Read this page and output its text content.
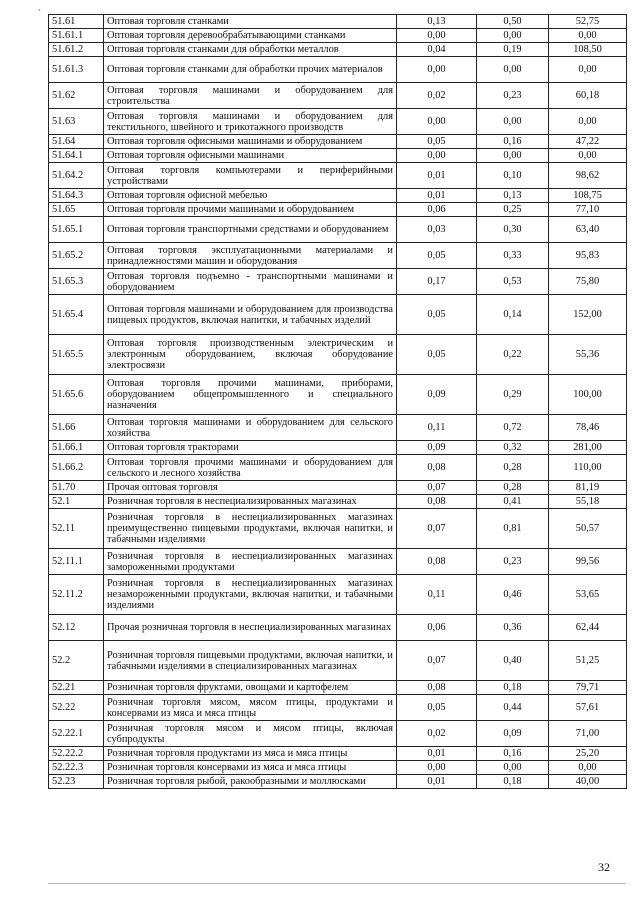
`
51.61	Оптовая торговля станками	0,13	0,50	52,75
51.61.1	Оптовая торговля деревообрабатывающими станками	0,00	0,00	0,00
51.61.2	Оптовая торговля станками для обработки металлов	0,04	0,19	108,50
51.61.3	Оптовая торговля станками для обработки прочих материалов	0,00	0,00	0,00
51.62	Оптовая торговля машинами и оборудованием для строительства	0,02	0,23	60,18
51.63	Оптовая торговля машинами и оборудованием для текстильного, швейного и трикотажного производств	0,00	0,00	0,00
51.64	Оптовая торговля офисными машинами и оборудованием	0,05	0,16	47,22
51.64.1	Оптовая торговля офисными машинами	0,00	0,00	0,00
51.64.2	Оптовая торговля компьютерами и периферийными устройствами	0,01	0,10	98,62
51.64.3	Оптовая торговля офисной мебелью	0,01	0,13	108,75
51.65	Оптовая торговля прочими машинами и оборудованием	0,06	0,25	77,10
51.65.1	Оптовая торговля транспортными средствами и оборудованием	0,03	0,30	63,40
51.65.2	Оптовая торговля эксплуатационными материалами и принадлежностями машин и оборудования	0,05	0,33	95,83
51.65.3	Оптовая торговля подъемно - транспортными машинами и оборудованием	0,17	0,53	75,80
51.65.4	Оптовая торговля машинами и оборудованием для производства пищевых продуктов, включая напитки, и табачных изделий	0,05	0,14	152,00
51.65.5	Оптовая торговля производственным электрическим и электронным оборудованием, включая оборудование электросвязи	0,05	0,22	55,36
51.65.6	Оптовая торговля прочими машинами, приборами, оборудованием общепромышленного и специального назначения	0,09	0,29	100,00
51.66	Оптовая торговля машинами и оборудованием для сельского хозяйства	0,11	0,72	78,46
51.66.1	Оптовая торговля тракторами	0,09	0,32	281,00
51.66.2	Оптовая торговля прочими машинами и оборудованием для сельского и лесного хозяйства	0,08	0,28	110,00
51.70	Прочая оптовая торговля	0,07	0,28	81,19
52.1	Розничная торговля в неспециализированных магазинах	0,08	0,41	55,18
52.11	Розничная торговля в неспециализированных магазинах преимущественно пищевыми продуктами, включая напитки, и табачными изделиями	0,07	0,81	50,57
52.11.1	Розничная торговля в неспециализированных магазинах замороженными продуктами	0,08	0,23	99,56
52.11.2	Розничная торговля в неспециализированных магазинах незамороженными продуктами, включая напитки, и табачными изделиями	0,11	0,46	53,65
52.12	Прочая розничная торговля в неспециализированных магазинах	0,06	0,36	62,44
52.2	Розничная торговля пищевыми продуктами, включая напитки, и табачными изделиями в специализированных магазинах	0,07	0,40	51,25
52.21	Розничная торговля фруктами, овощами и картофелем	0,08	0,18	79,71
52.22	Розничная торговля мясом, мясом птицы, продуктами и консервами из мяса и мяса птицы	0,05	0,44	57,61
52.22.1	Розничная торговля мясом и мясом птицы, включая субпродукты	0,02	0,09	71,00
52.22.2	Розничная торговля продуктами из мяса и мяса птицы	0,01	0,16	25,20
52.22.3	Розничная торговля консервами из мяса и мяса птицы	0,00	0,00	0,00
52.23	Розничная торговля рыбой, ракообразными и моллюсками	0,01	0,18	40,00
32
